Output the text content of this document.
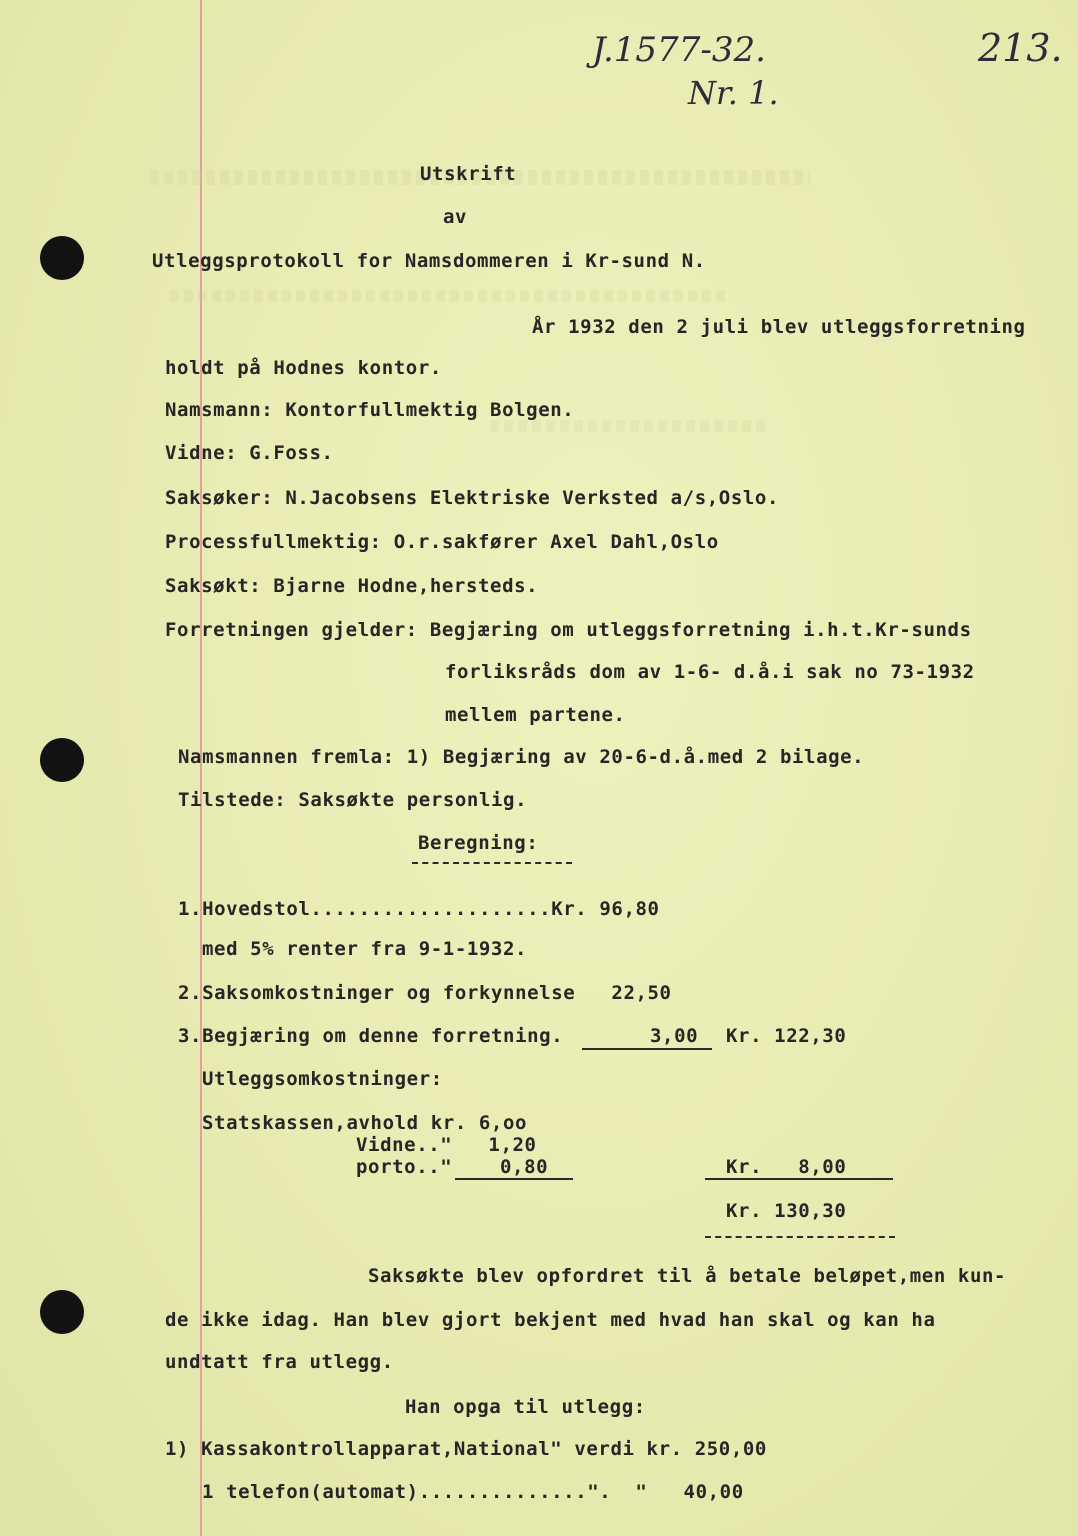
J.1577-32.	213.
Nr. 1.
Utskrift
av
Utleggsprotokoll for Namsdommeren i Kr-sund N.
År 1932 den 2 juli blev utleggsforretning
holdt på Hodnes kontor.
Namsmann: Kontorfullmektig Bolgen.
Vidne: G.Foss.
Saksøker: N.Jacobsens Elektriske Verksted a/s,Oslo.
Processfullmektig: O.r.sakfører Axel Dahl,Oslo
Saksøkt: Bjarne Hodne,hersteds.
Forretningen gjelder: Begjæring om utleggsforretning i.h.t.Kr-sunds
forliksråds dom av 1-6- d.å.i sak no 73-1932
mellem partene.
Namsmannen fremla: 1) Begjæring av 20-6-d.å.med 2 bilage.
Tilstede: Saksøkte personlig.
Beregning:
1.Hovedstol....................Kr. 96,80
med 5% renter fra 9-1-1932.
2.Saksomkostninger og forkynnelse   22,50
3.Begjæring om denne forretning.	3,00 Kr. 122,30
Utleggsomkostninger:
Statskassen,avhold kr. 6,oo
Vidne.."   1,20
porto.."	0,80	Kr.   8,00
Kr. 130,30
Saksøkte blev opfordret til å betale beløpet,men kun-
de ikke idag. Han blev gjort bekjent med hvad han skal og kan ha
undtatt fra utlegg.
Han opga til utlegg:
1) Kassakontrollapparat,National" verdi kr. 250,00
1 telefon(automat)..............".  "   40,00
